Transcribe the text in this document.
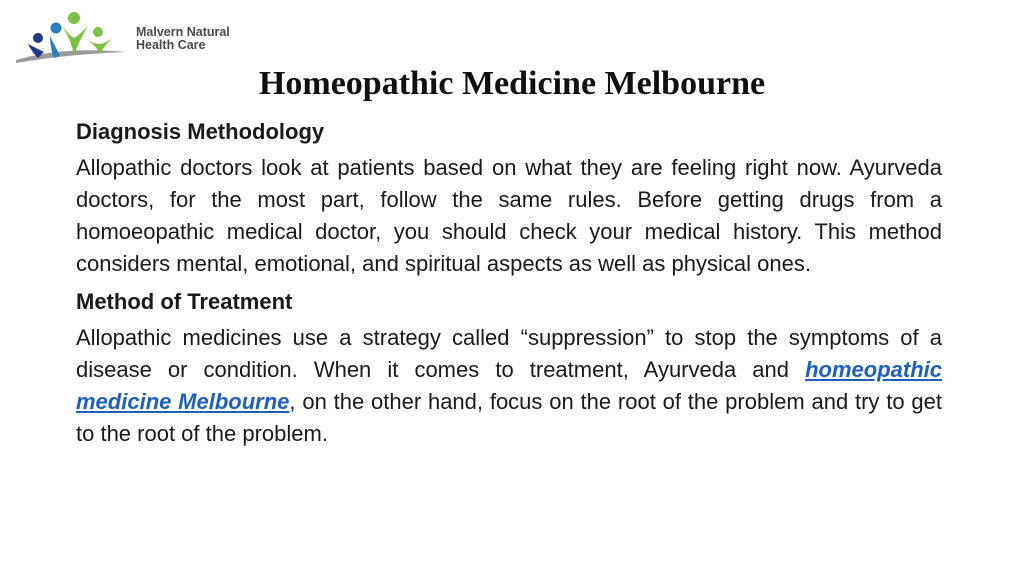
Malvern Natural
Health Care
Homeopathic Medicine Melbourne

Diagnosis Methodology

Allopathic doctors look at patients based on what they are feeling right now. Ayurveda doctors, for the most part, follow the same rules. Before getting drugs from a homoeopathic medical doctor, you should check your medical history. This method considers mental, emotional, and spiritual aspects as well as physical ones.

Method of Treatment

Allopathic medicines use a strategy called “suppression” to stop the symptoms of a disease or condition. When it comes to treatment, Ayurveda and homeopathic medicine Melbourne, on the other hand, focus on the root of the problem and try to get to the root of the problem.
